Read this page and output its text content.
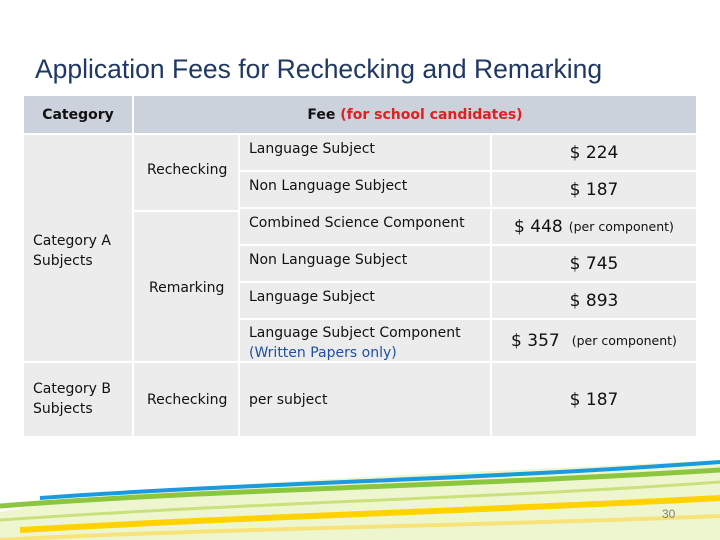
Application Fees for Rechecking and Remarking
Category	Fee
(for school candidates)
Category A
Subjects
Category B
Subjects
Rechecking
Remarking
Rechecking
Language Subject
Non Language Subject
Combined Science Component
Non Language Subject
Language Subject
Language Subject Component
(Written Papers only)
per subject
$ 224
$ 187
$ 448 (per component)
$ 745
$ 893
$ 357 (per component)
$ 187
30
